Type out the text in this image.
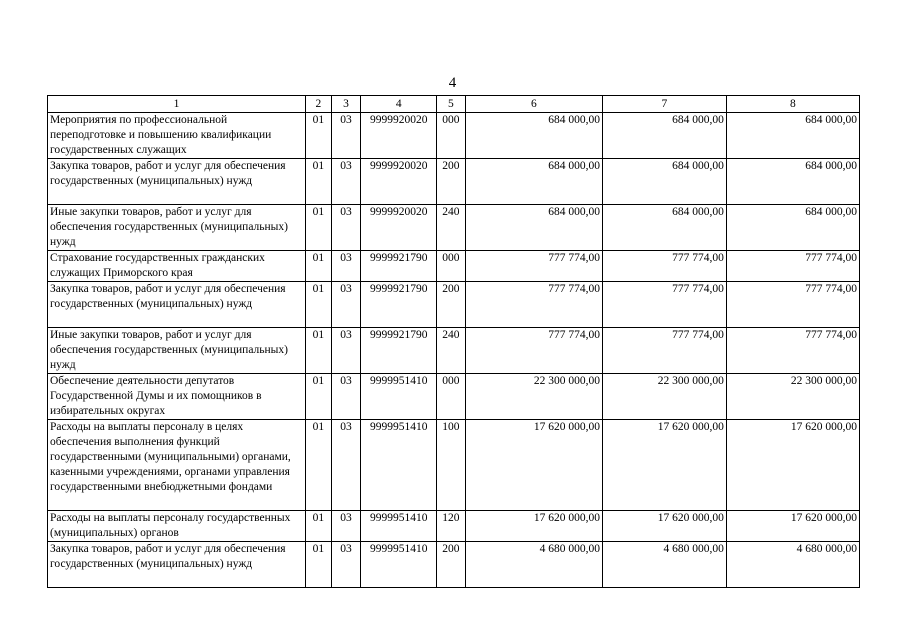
4
1	2	3	4	5	6	7	8
Мероприятия по профессиональной переподготовке и повышению квалификации государственных служащих	01	03	9999920020	000	684 000,00	684 000,00	684 000,00
Закупка товаров, работ и услуг для обеспечения государственных (муниципальных) нужд	01	03	9999920020	200	684 000,00	684 000,00	684 000,00
Иные закупки товаров, работ и услуг для обеспечения государственных (муниципальных) нужд	01	03	9999920020	240	684 000,00	684 000,00	684 000,00
Страхование государственных гражданских служащих Приморского края	01	03	9999921790	000	777 774,00	777 774,00	777 774,00
Закупка товаров, работ и услуг для обеспечения государственных (муниципальных) нужд	01	03	9999921790	200	777 774,00	777 774,00	777 774,00
Иные закупки товаров, работ и услуг для обеспечения государственных (муниципальных) нужд	01	03	9999921790	240	777 774,00	777 774,00	777 774,00
Обеспечение деятельности депутатов Государственной Думы и их помощников в избирательных округах	01	03	9999951410	000	22 300 000,00	22 300 000,00	22 300 000,00
Расходы на выплаты персоналу в целях обеспечения выполнения функций государственными (муниципальными) органами, казенными учреждениями, органами управления государственными внебюджетными фондами	01	03	9999951410	100	17 620 000,00	17 620 000,00	17 620 000,00
Расходы на выплаты персоналу государственных (муниципальных) органов	01	03	9999951410	120	17 620 000,00	17 620 000,00	17 620 000,00
Закупка товаров, работ и услуг для обеспечения государственных (муниципальных) нужд	01	03	9999951410	200	4 680 000,00	4 680 000,00	4 680 000,00
